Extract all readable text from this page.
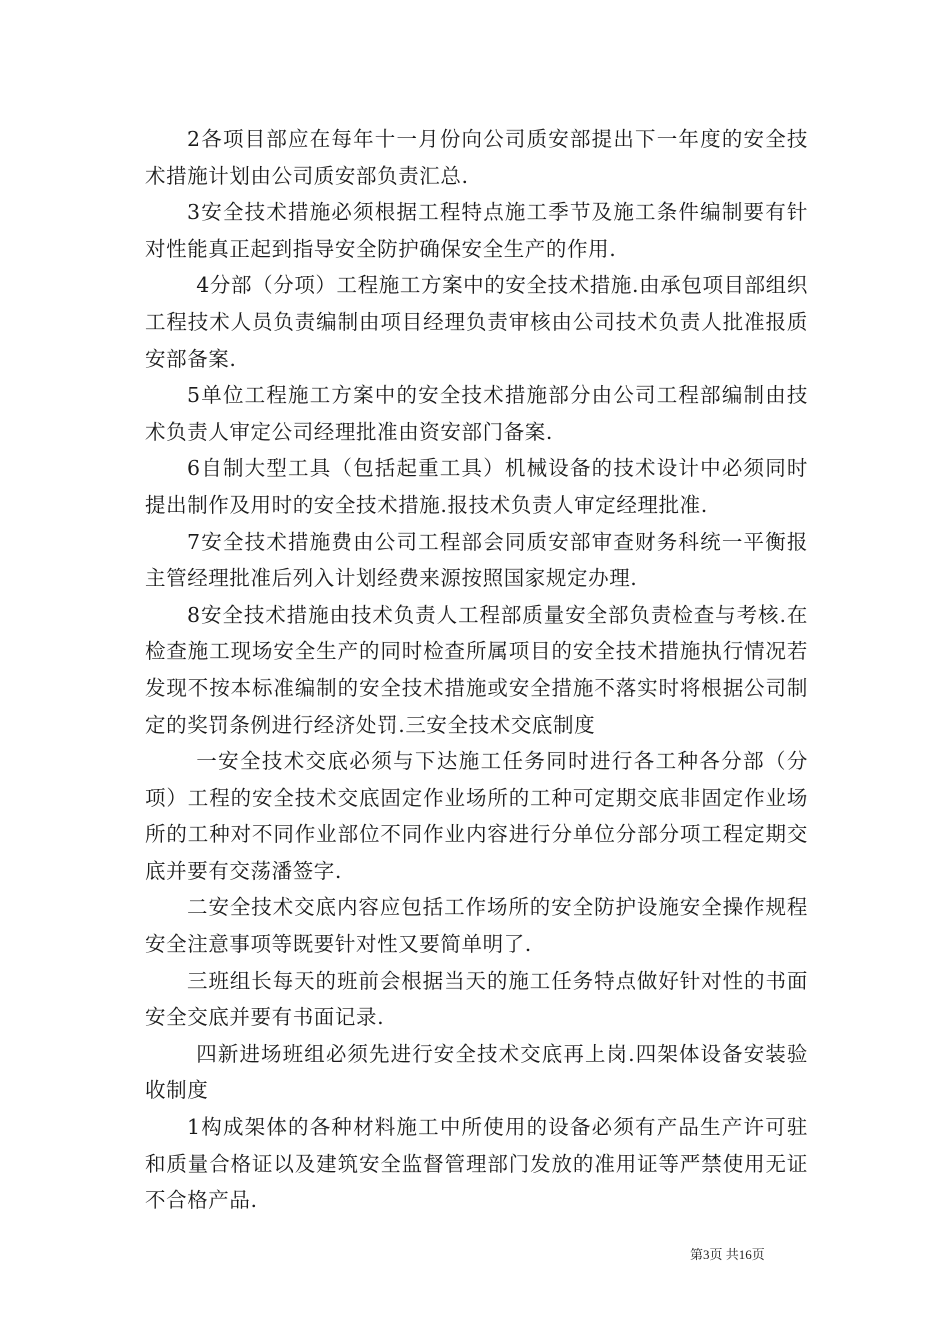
2各项目部应在每年十一月份向公司质安部提出下一年度的安全技术措施计划由公司质安部负责汇总.

3安全技术措施必须根据工程特点施工季节及施工条件编制要有针对性能真正起到指导安全防护确保安全生产的作用.

4分部（分项）工程施工方案中的安全技术措施.由承包项目部组织工程技术人员负责编制由项目经理负责审核由公司技术负责人批准报质安部备案.

5单位工程施工方案中的安全技术措施部分由公司工程部编制由技术负责人审定公司经理批准由资安部门备案.

6自制大型工具（包括起重工具）机械设备的技术设计中必须同时提出制作及用时的安全技术措施.报技术负责人审定经理批准.

7安全技术措施费由公司工程部会同质安部审查财务科统一平衡报主管经理批准后列入计划经费来源按照国家规定办理.

8安全技术措施由技术负责人工程部质量安全部负责检查与考核.在检查施工现场安全生产的同时检查所属项目的安全技术措施执行情况若发现不按本标准编制的安全技术措施或安全措施不落实时将根据公司制定的奖罚条例进行经济处罚.三安全技术交底制度

一安全技术交底必须与下达施工任务同时进行各工种各分部（分项）工程的安全技术交底固定作业场所的工种可定期交底非固定作业场所的工种对不同作业部位不同作业内容进行分单位分部分项工程定期交底并要有交荡潘签字.

二安全技术交底内容应包括工作场所的安全防护设施安全操作规程安全注意事项等既要针对性又要简单明了.

三班组长每天的班前会根据当天的施工任务特点做好针对性的书面安全交底并要有书面记录.

四新进场班组必须先进行安全技术交底再上岗.四架体设备安装验收制度

1构成架体的各种材料施工中所使用的设备必须有产品生产许可驻和质量合格证以及建筑安全监督管理部门发放的准用证等严禁使用无证不合格产品.

第3页 共16页
